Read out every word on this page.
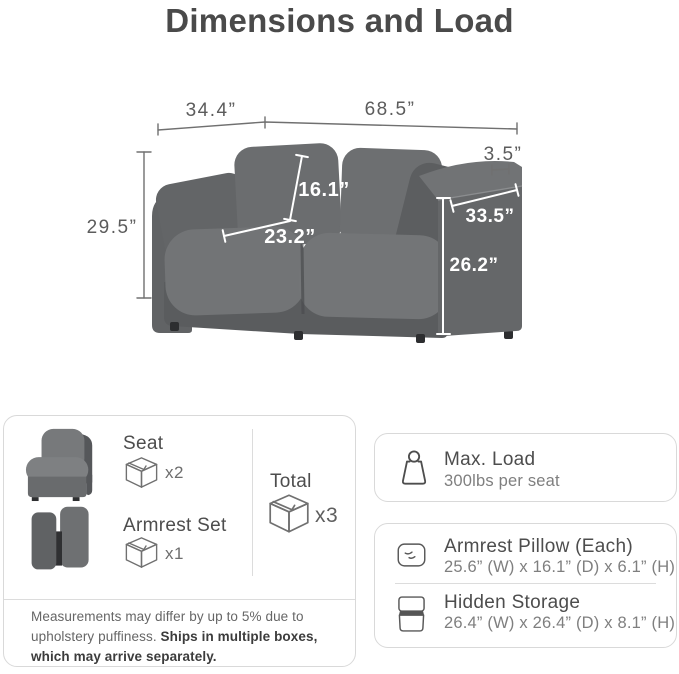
Dimensions and Load
34.4”	68.5”
3.5”
29.5”
16.1”
23.2”
33.5”
26.2”
Seat
x2
Armrest Set
x1
Total
x3

Measurements may differ by up to 5% due to upholstery puffiness. Ships in multiple boxes, which may arrive separately.

Max. Load
300lbs per seat
Armrest Pillow (Each)
25.6” (W) x 16.1” (D) x 6.1” (H)
Hidden Storage
26.4” (W) x 26.4” (D) x 8.1” (H)
